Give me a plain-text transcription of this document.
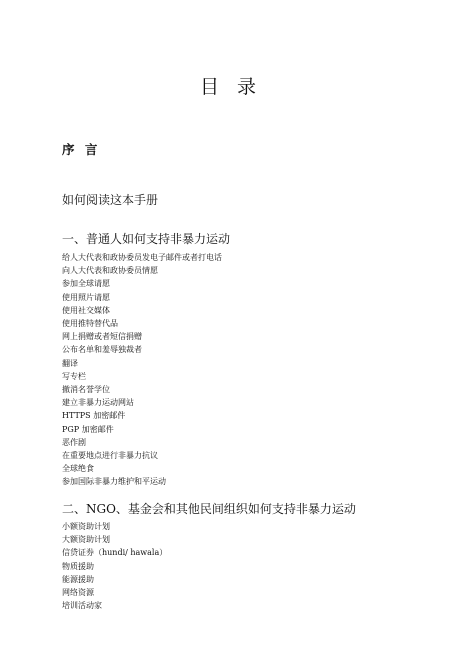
目 录
序 言
如何阅读这本手册
一、普通人如何支持非暴力运动
给人大代表和政协委员发电子邮件或者打电话
向人大代表和政协委员情愿
参加全球请愿
使用照片请愿
使用社交媒体
使用推特替代品
网上捐赠或者短信捐赠
公布名单和羞辱独裁者
翻译
写专栏
撤消名誉学位
建立非暴力运动网站
HTTPS 加密邮件
PGP 加密邮件
恶作剧
在重要地点进行非暴力抗议
全球绝食
参加国际非暴力维护和平运动
二、NGO、基金会和其他民间组织如何支持非暴力运动
小额资助计划
大额资助计划
信贷证券（hundi/ hawala）
物质援助
能源援助
网络资源
培训活动家
